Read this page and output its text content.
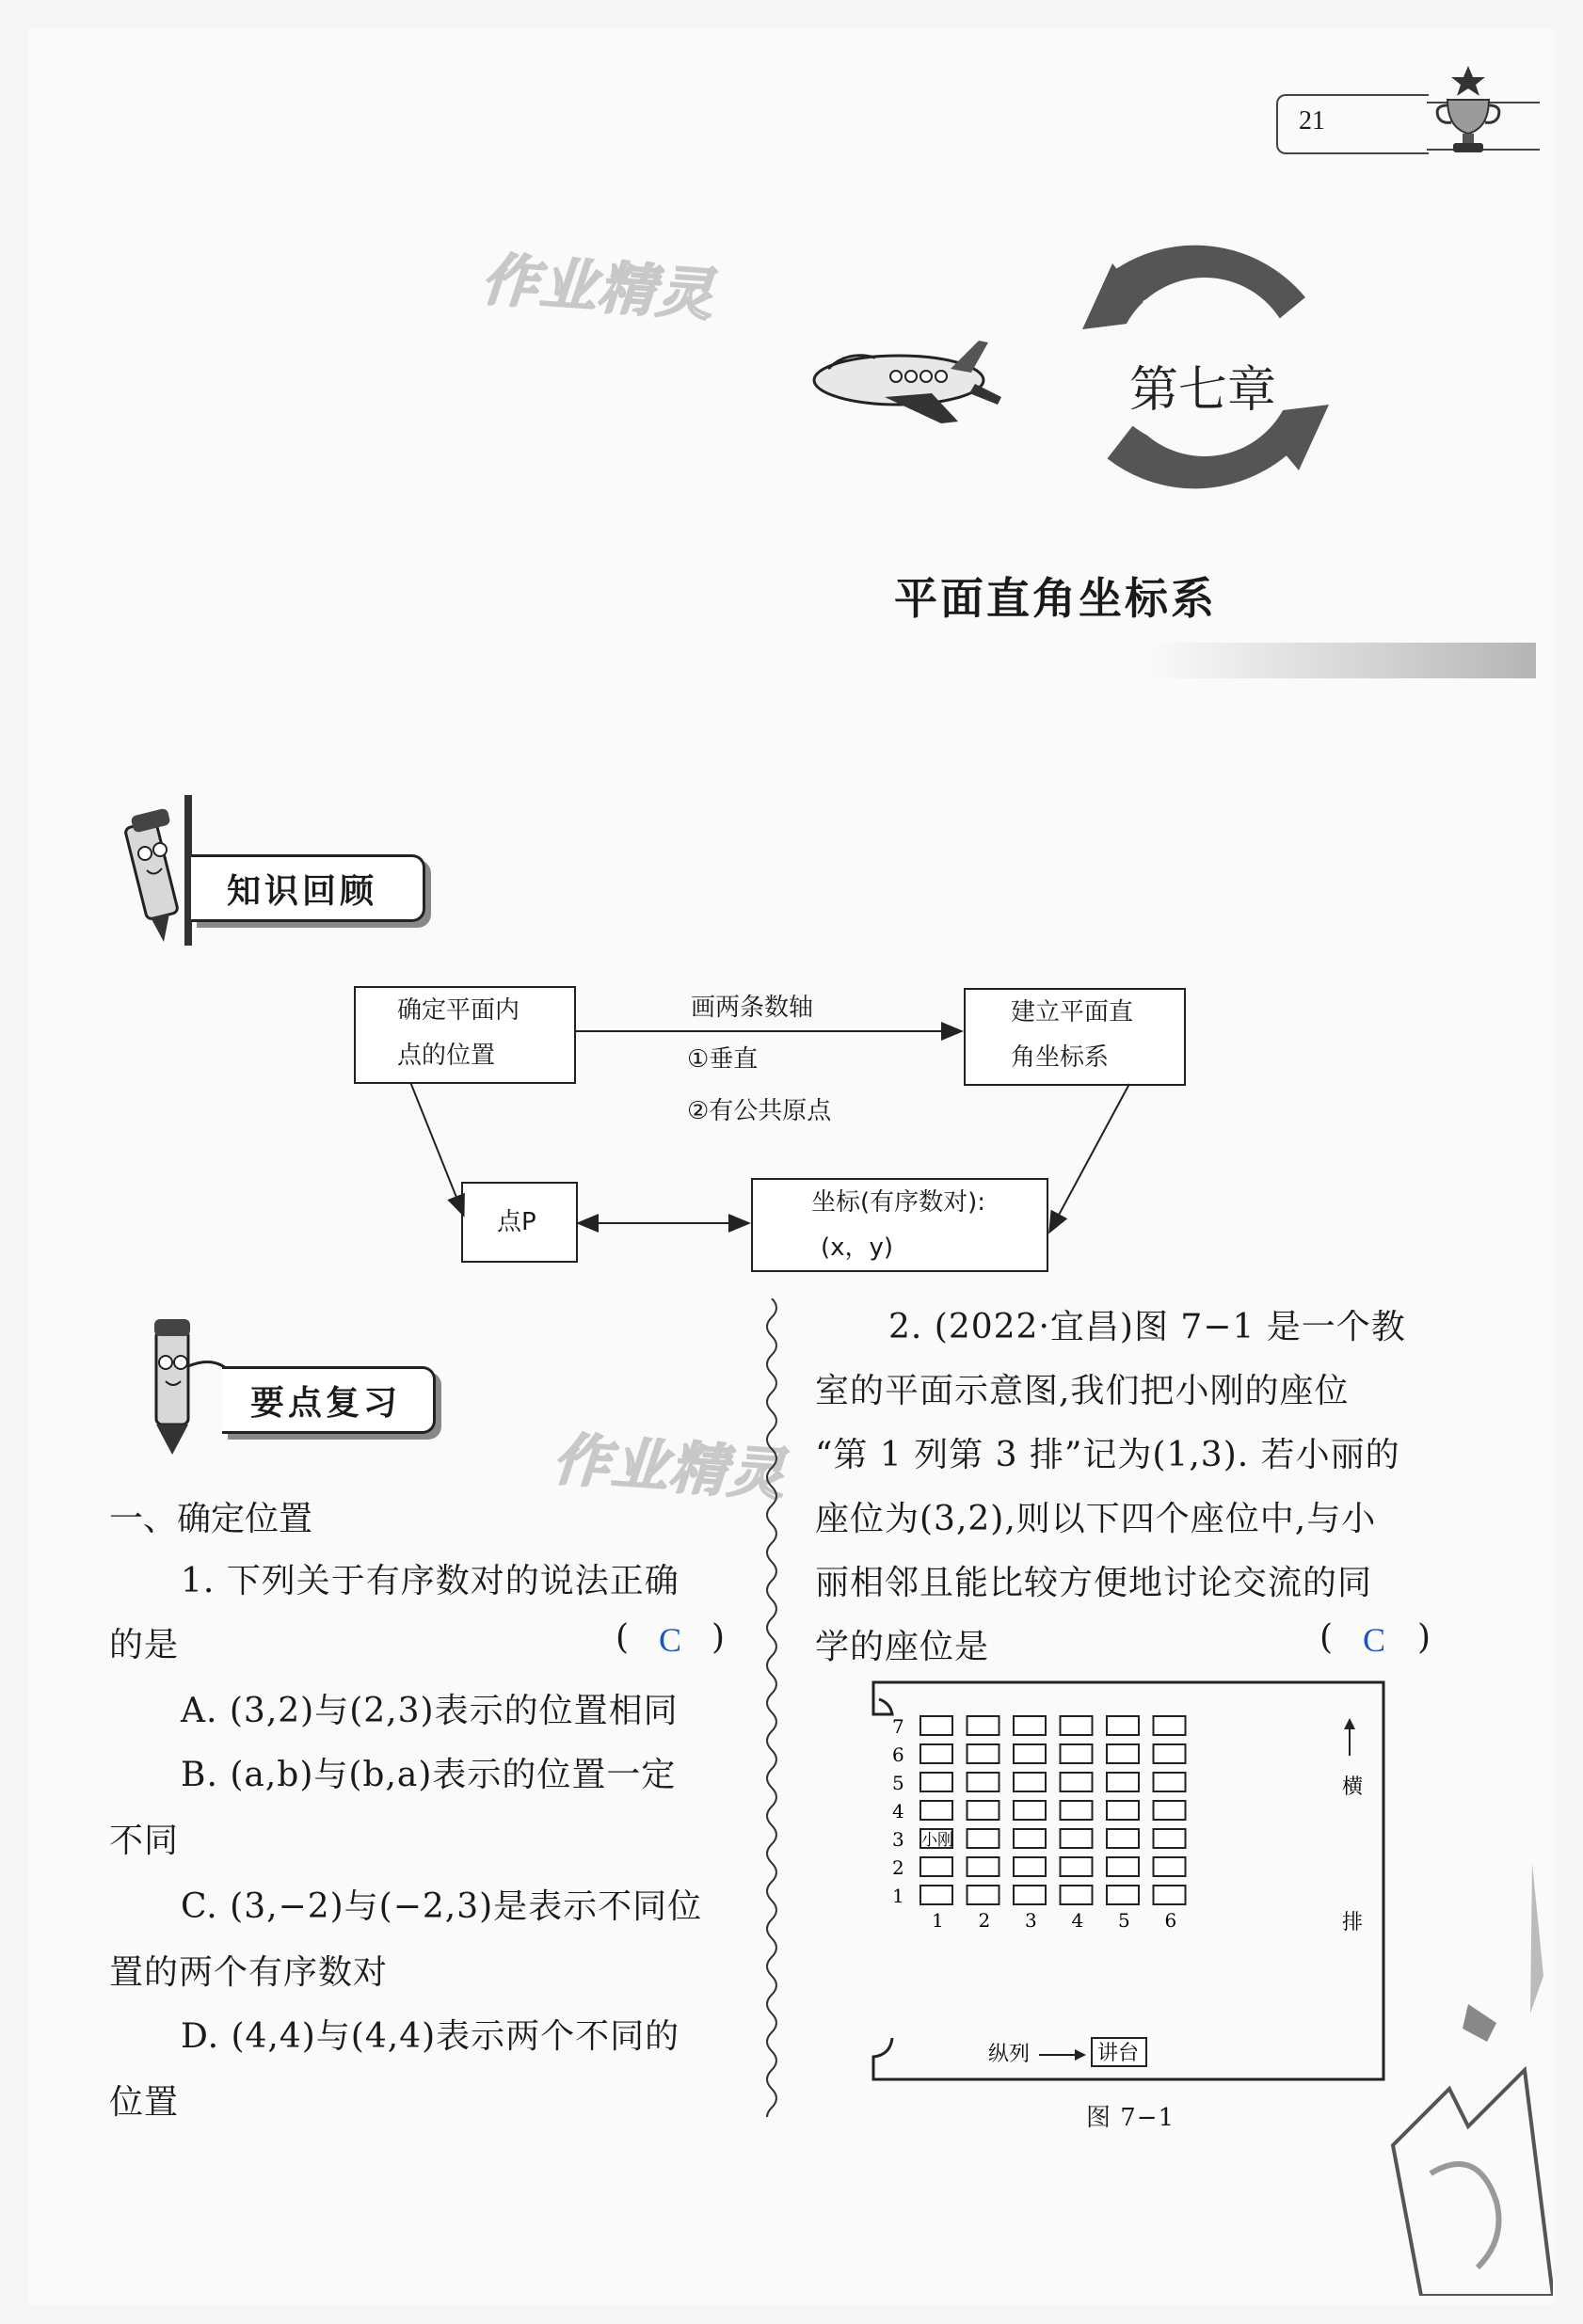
21
作业精灵
作业精灵
第七章
平面直角坐标系
知识回顾
确定平面内
点的位置
建立平面直
角坐标系
点P
坐标(有序数对):
(x，y)
画两条数轴
①垂直
②有公共原点
要点复习
一、确定位置
1. 下列关于有序数对的说法正确
的是	( C )
A. (3,2)与(2,3)表示的位置相同
B. (a,b)与(b,a)表示的位置一定
不同
C. (3,−2)与(−2,3)是表示不同位
置的两个有序数对
D. (4,4)与(4,4)表示两个不同的
位置
2. (2022·宜昌)图 7−1 是一个教
室的平面示意图,我们把小刚的座位
“第 1 列第 3 排”记为(1,3). 若小丽的
座位为(3,2),则以下四个座位中,与小
丽相邻且能比较方便地讨论交流的同
学的座位是	( C )
7
6
5
4
3 小刚
2
1
1 2 3 4 5 6
横
排
纵列	讲台
图 7−1
